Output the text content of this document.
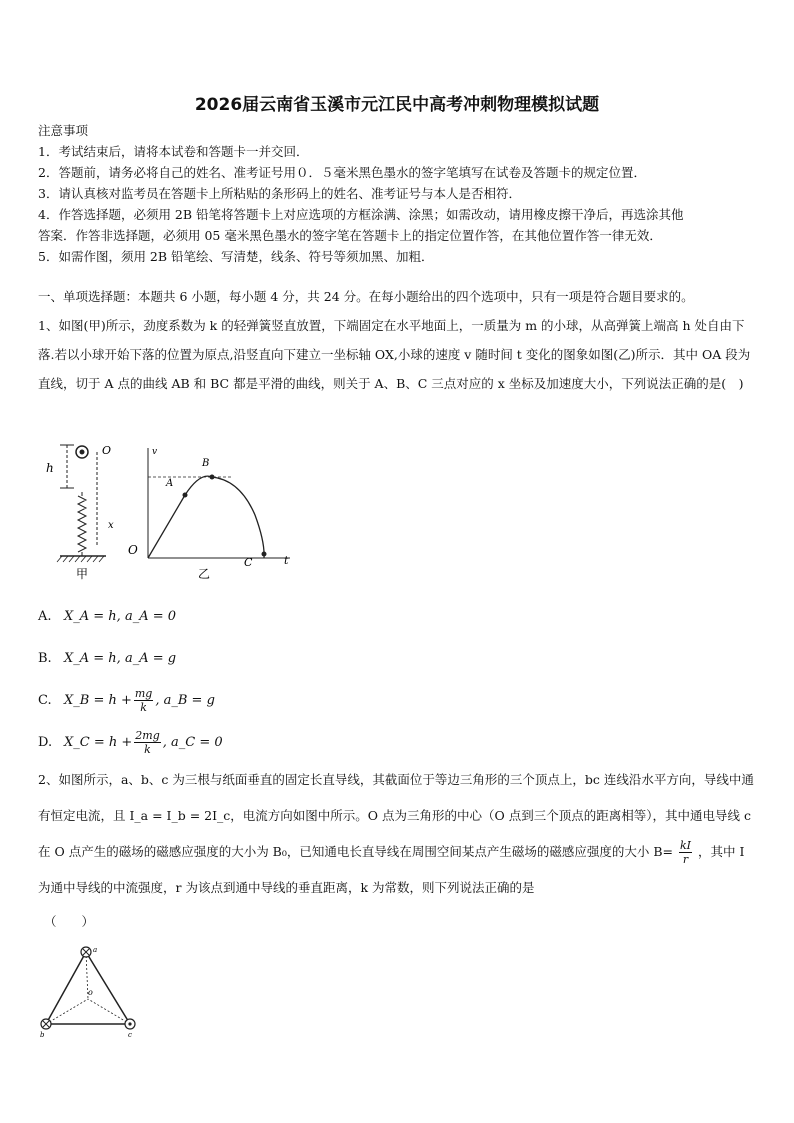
2026届云南省玉溪市元江民中高考冲刺物理模拟试题
注意事项
1．考试结束后，请将本试卷和答题卡一并交回．
2．答题前，请务必将自己的姓名、准考证号用０．５毫米黑色墨水的签字笔填写在试卷及答题卡的规定位置．
3．请认真核对监考员在答题卡上所粘贴的条形码上的姓名、准考证号与本人是否相符．
4．作答选择题，必须用 2B 铅笔将答题卡上对应选项的方框涂满、涂黑；如需改动，请用橡皮擦干净后，再选涂其他
答案．作答非选择题，必须用 05 毫米黑色墨水的签字笔在答题卡上的指定位置作答，在其他位置作答一律无效．
5．如需作图，须用 2B 铅笔绘、写清楚，线条、符号等须加黑、加粗．
一、单项选择题：本题共 6 小题，每小题 4 分，共 24 分。在每小题给出的四个选项中，只有一项是符合题目要求的。
1、如图(甲)所示，劲度系数为 k 的轻弹簧竖直放置，下端固定在水平地面上，一质量为 m 的小球，从高弹簧上端高 h 处自由下落.若以小球开始下落的位置为原点,沿竖直向下建立一坐标轴 OX,小球的速度 v 随时间 t 变化的图象如图(乙)所示．其中 OA 段为直线，切于 A 点的曲线 AB 和 BC 都是平滑的曲线，则关于 A、B、C 三点对应的 x 坐标及加速度大小，下列说法正确的是(　)
h
O
x
甲
v
O
t
A
B
C
乙
A. X_A = h, a_A = 0
B. X_A = h, a_A = g
C. X_B = $h + \frac{mg}{k}$ , a_B = g
D. X_C = $h + \frac{2mg}{k}$ , a_C = 0
2、如图所示，a、b、c 为三根与纸面垂直的固定长直导线，其截面位于等边三角形的三个顶点上，bc 连线沿水平方向，导线中通有恒定电流，且 I_a = I_b = 2I_c，电流方向如图中所示。O 点为三角形的中心（O 点到三个顶点的距离相等），其中通电导线 c 在 O 点产生的磁场的磁感应强度的大小为 B₀，已知通电长直导线在周围空间某点产生磁场的磁感应强度的大小 $B= \frac{kI}{r}$ ，其中 I 为通中导线的中流强度，r 为该点到通中导线的垂直距离，k 为常数，则下列说法正确的是
（　　）
a
b	c
o
